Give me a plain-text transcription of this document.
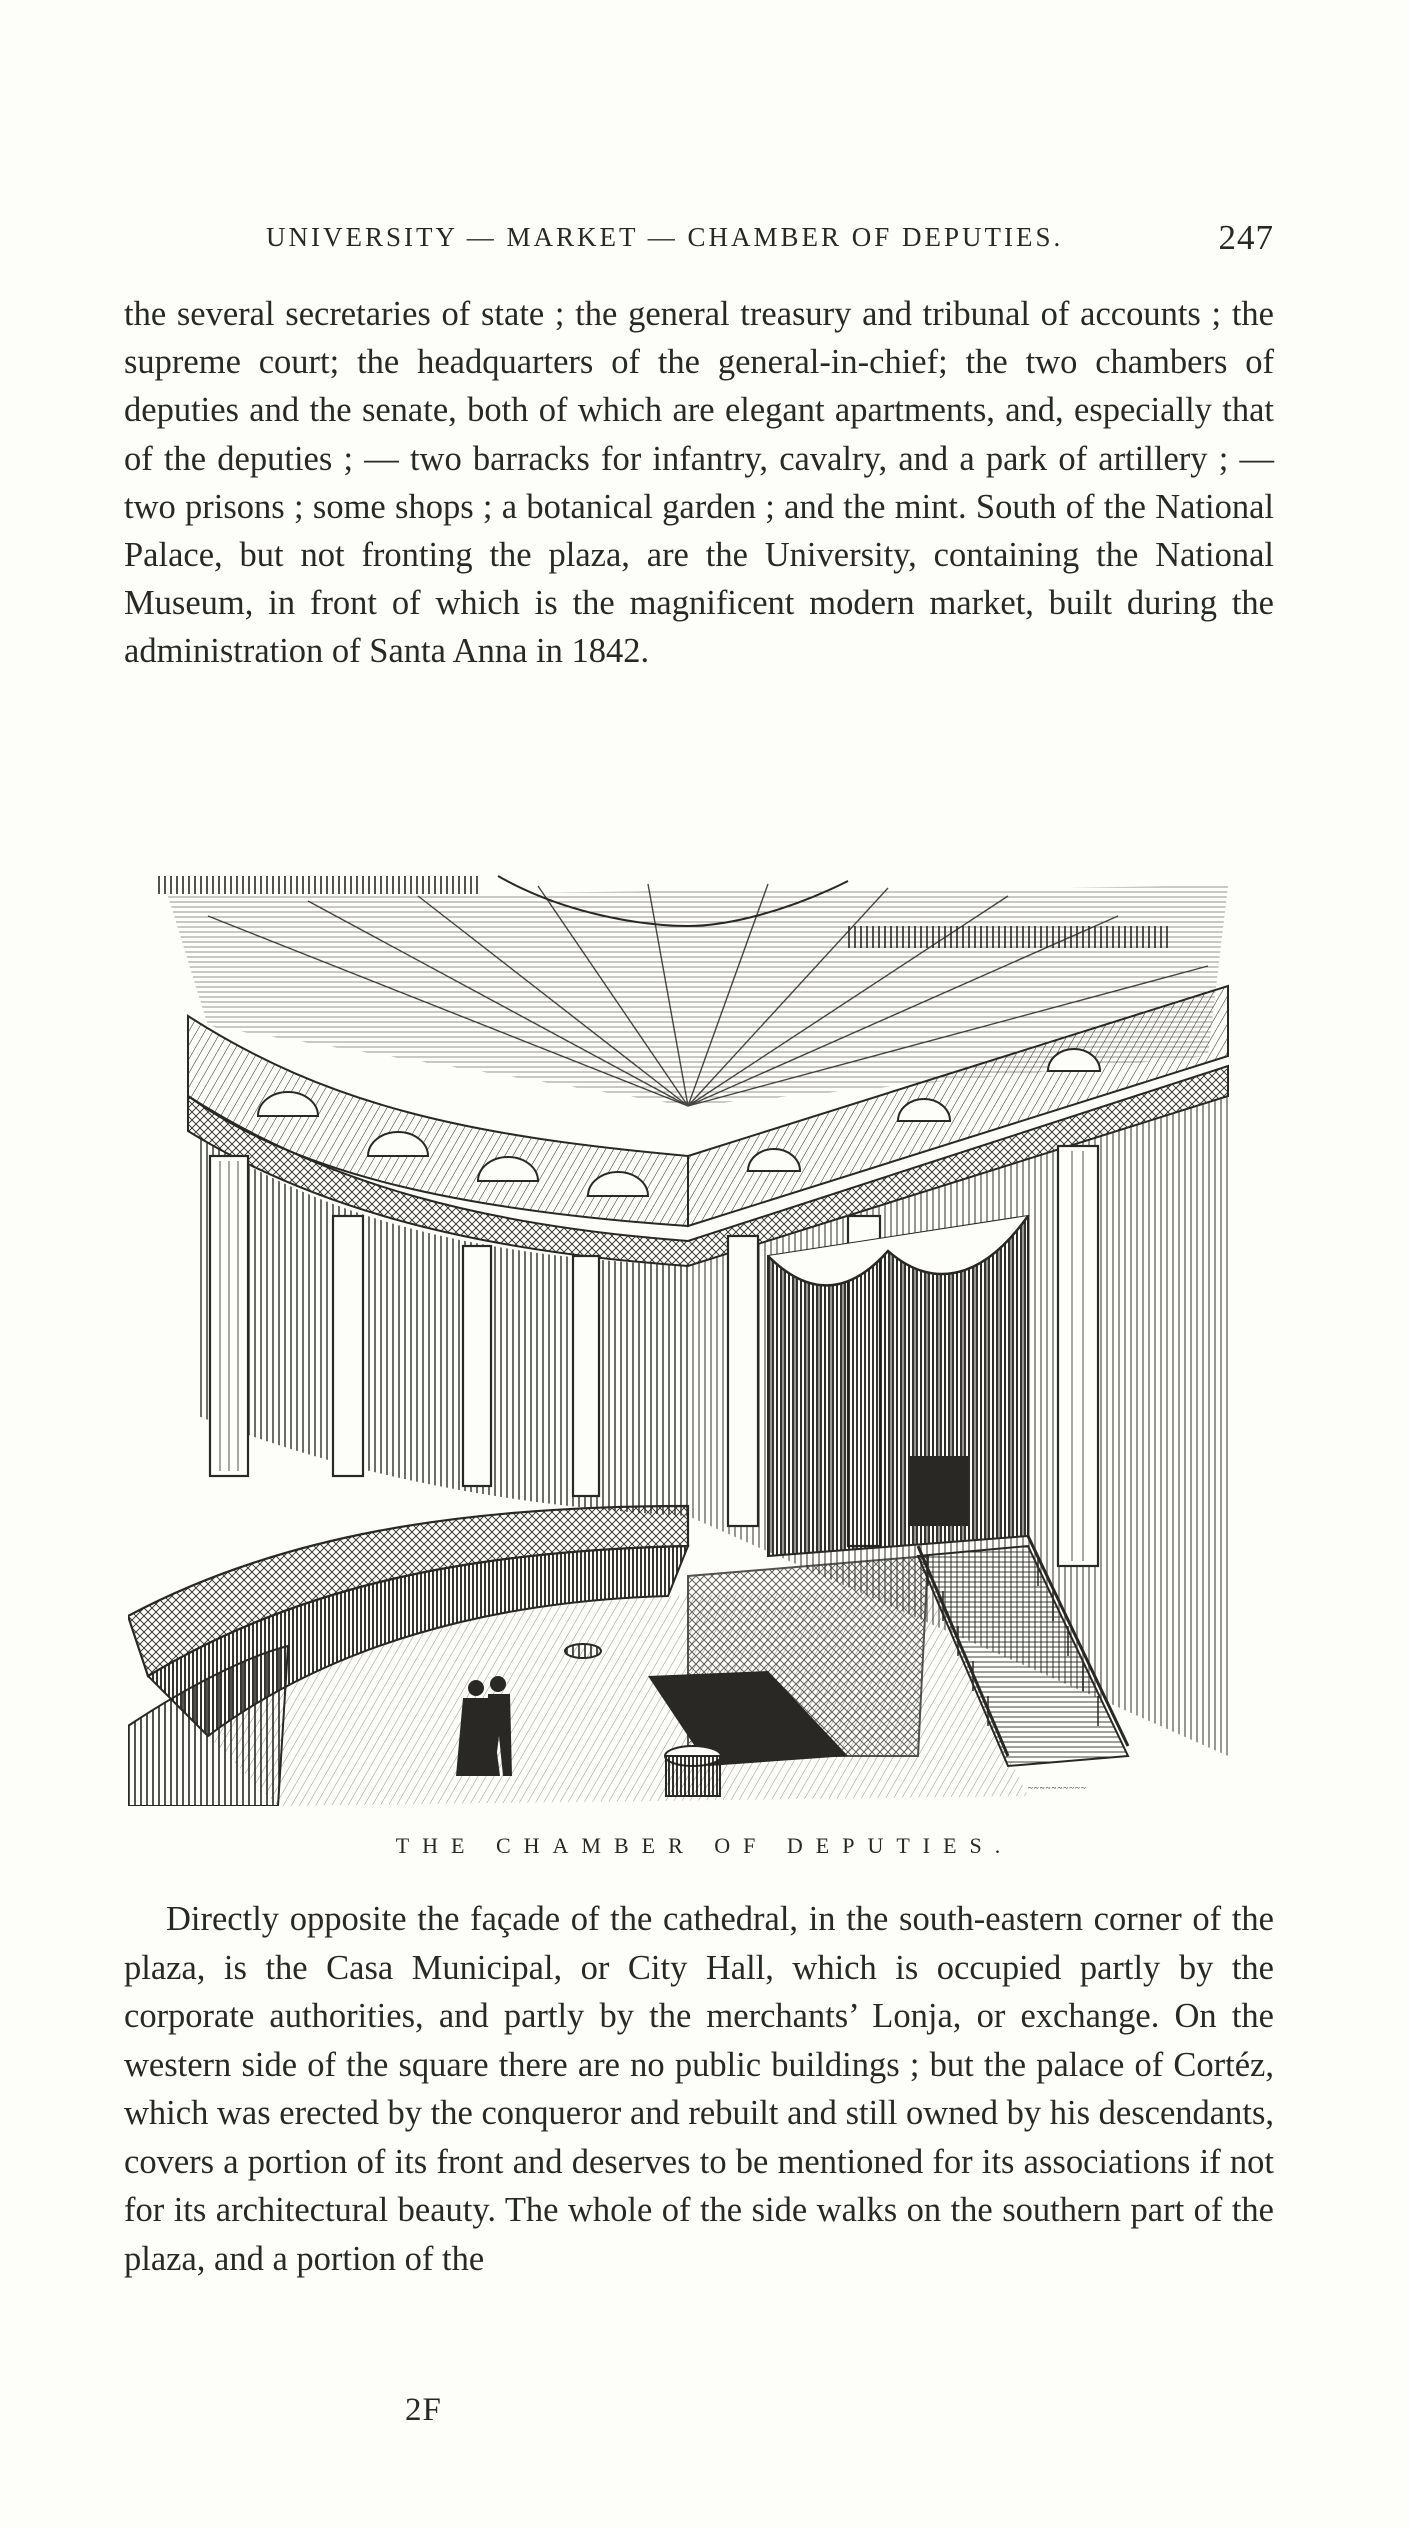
UNIVERSITY — MARKET — CHAMBER OF DEPUTIES.	247

the several secretaries of state ; the general treasury and tribunal of accounts ; the supreme court; the headquarters of the general-in-chief; the two chambers of deputies and the senate, both of which are elegant apartments, and, especially that of the deputies ; — two barracks for infantry, cavalry, and a park of artillery ; — two prisons ; some shops ; a botanical garden ; and the mint. South of the National Palace, but not fronting the plaza, are the University, containing the National Museum, in front of which is the magnificent modern market, built during the administration of Santa Anna in 1842.

~~~~~~~~~~
THE CHAMBER OF DEPUTIES.

Directly opposite the façade of the cathedral, in the south-eastern corner of the plaza, is the Casa Municipal, or City Hall, which is occupied partly by the corporate authorities, and partly by the merchants’ Lonja, or exchange. On the western side of the square there are no public buildings ; but the palace of Cortéz, which was erected by the conqueror and rebuilt and still owned by his descendants, covers a portion of its front and deserves to be mentioned for its associations if not for its architectural beauty. The whole of the side walks on the southern part of the plaza, and a portion of the

2F
